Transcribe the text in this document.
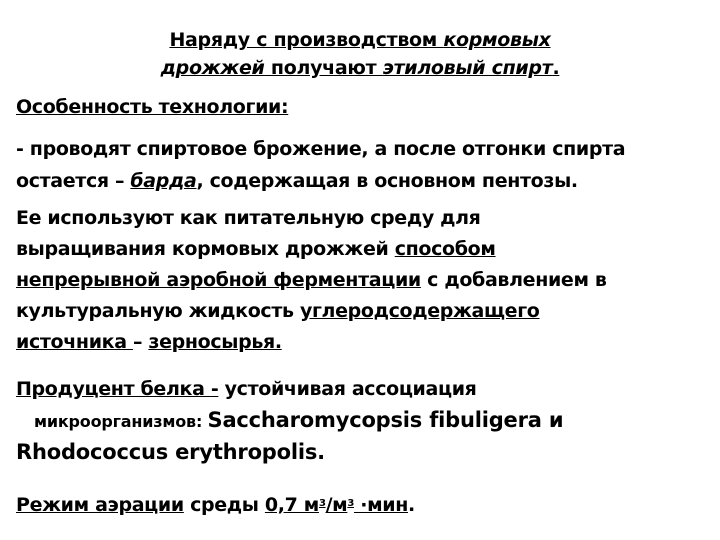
Наряду с производством кормовых
дрожжей получают этиловый спирт.
Особенность технологии:
- проводят спиртовое брожение, а после отгонки спирта
остается – барда, содержащая в основном пентозы.
Ее используют как питательную среду для
выращивания кормовых дрожжей способом
непрерывной аэробной ферментации с добавлением в
культуральную жидкость углеродсодержащего
источника – зерносырья.
Продуцент белка - устойчивая ассоциация
микроорганизмов: Saccharomycopsis fibuligera и
Rhodococcus erythropolis.
Режим аэрации среды 0,7 $м^3/м^3 \cdot мин$.
